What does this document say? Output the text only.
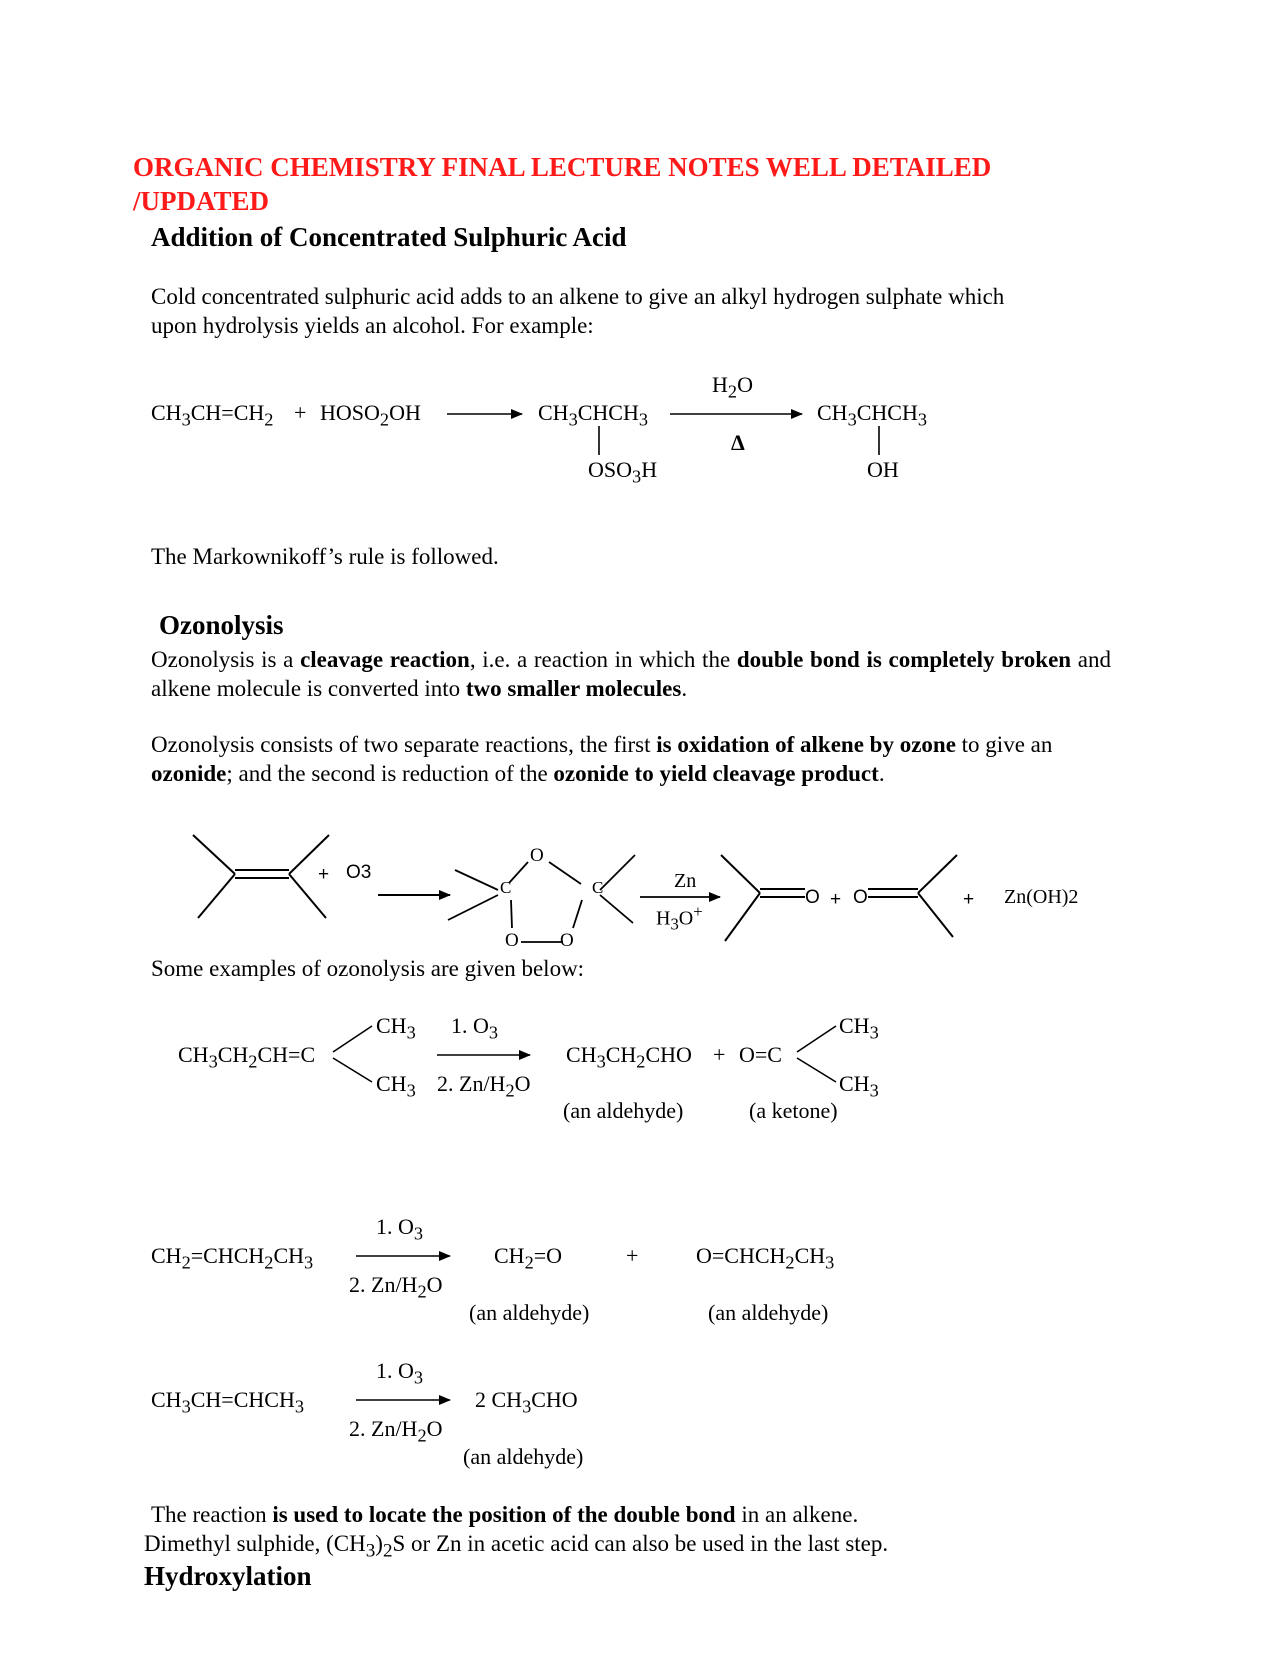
ORGANIC CHEMISTRY FINAL LECTURE NOTES WELL DETAILED
/UPDATED
Addition of Concentrated Sulphuric Acid
Cold concentrated sulphuric acid adds to an alkene to give an alkyl hydrogen sulphate which
upon hydrolysis yields an alcohol. For example:
$CH_3CH=CH_2$ + $HOSO_2OH$	$CH_3CHCH_3$
$OSO_3H$
$H_2O$
Δ
$CH_3CHCH_3$
OH
The Markownikoff’s rule is followed.
Ozonolysis
Ozonolysis is a cleavage reaction, i.e. a reaction in which the double bond is completely broken and alkene molecule is converted into two smaller molecules.
Ozonolysis consists of two separate reactions, the first is oxidation of alkene by ozone to give an ozonide; and the second is reduction of the ozonide to yield cleavage product.
+ O3
O
C	C
O O
Zn
$H_3O^+$
O + O	+ Zn(OH)2
Some examples of ozonolysis are given below:
$CH_3CH_2CH=C$
$CH_3$
$CH_3$
1. $O_3$
2. $Zn/H_2O$
$CH_3CH_2CHO + O=C$
$CH_3$
$CH_3$
(an aldehyde)	(a ketone)
$CH_2=CHCH_2CH_3$
1. $O_3$
2. $Zn/H_2O$
$CH_2=O$	+	$O=CHCH_2CH_3$
(an aldehyde)	(an aldehyde)
$CH_3CH=CHCH_3$
1. $O_3$
2. $Zn/H_2O$
2 $CH_3CHO$
(an aldehyde)
The reaction is used to locate the position of the double bond in an alkene.
Dimethyl sulphide, $(CH_3)_2S$ or Zn in acetic acid can also be used in the last step.
Hydroxylation
